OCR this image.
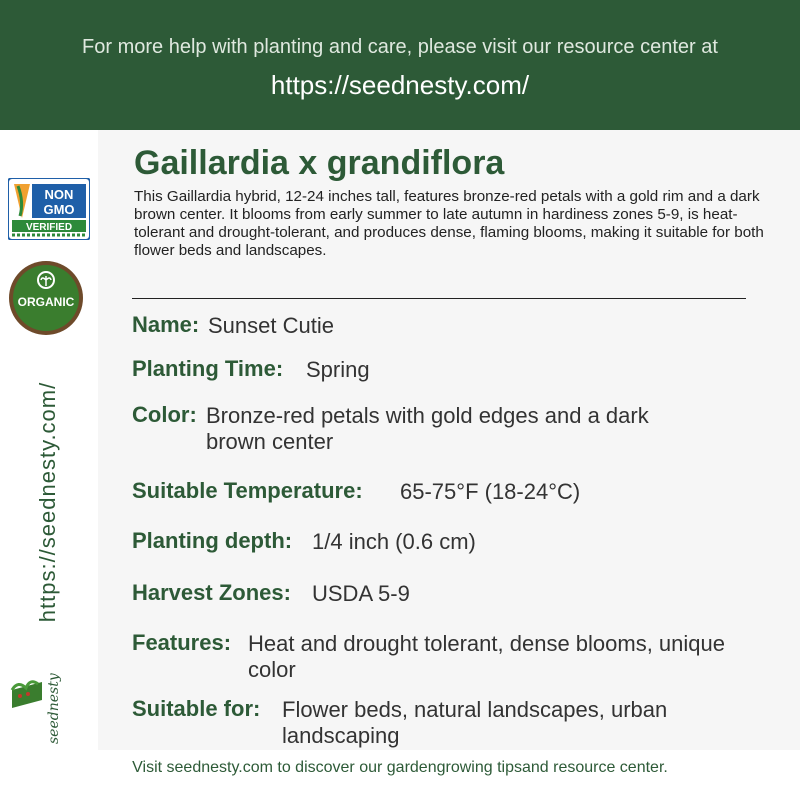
For more help with planting and care, please visit our resource center at
https://seednesty.com/
NON
GMO
VERIFIED
ORGANIC
https://seednesty.com/
seednesty
Gaillardia x grandiflora
This Gaillardia hybrid, 12-24 inches tall, features bronze-red petals with a gold rim and a dark brown center. It blooms from early summer to late autumn in hardiness zones 5-9, is heat-tolerant and drought-tolerant, and produces dense, flaming blooms, making it suitable for both flower beds and landscapes.
Name: Sunset Cutie
Planting Time: Spring
Color: Bronze-red petals with gold edges and a dark brown center
Suitable Temperature: 65-75°F (18-24°C)
Planting depth: 1/4 inch (0.6 cm)
Harvest Zones: USDA 5-9
Features: Heat and drought tolerant, dense blooms, unique color
Suitable for: Flower beds, natural landscapes, urban landscaping
Visit seednesty.com to discover our gardengrowing tipsand resource center.
